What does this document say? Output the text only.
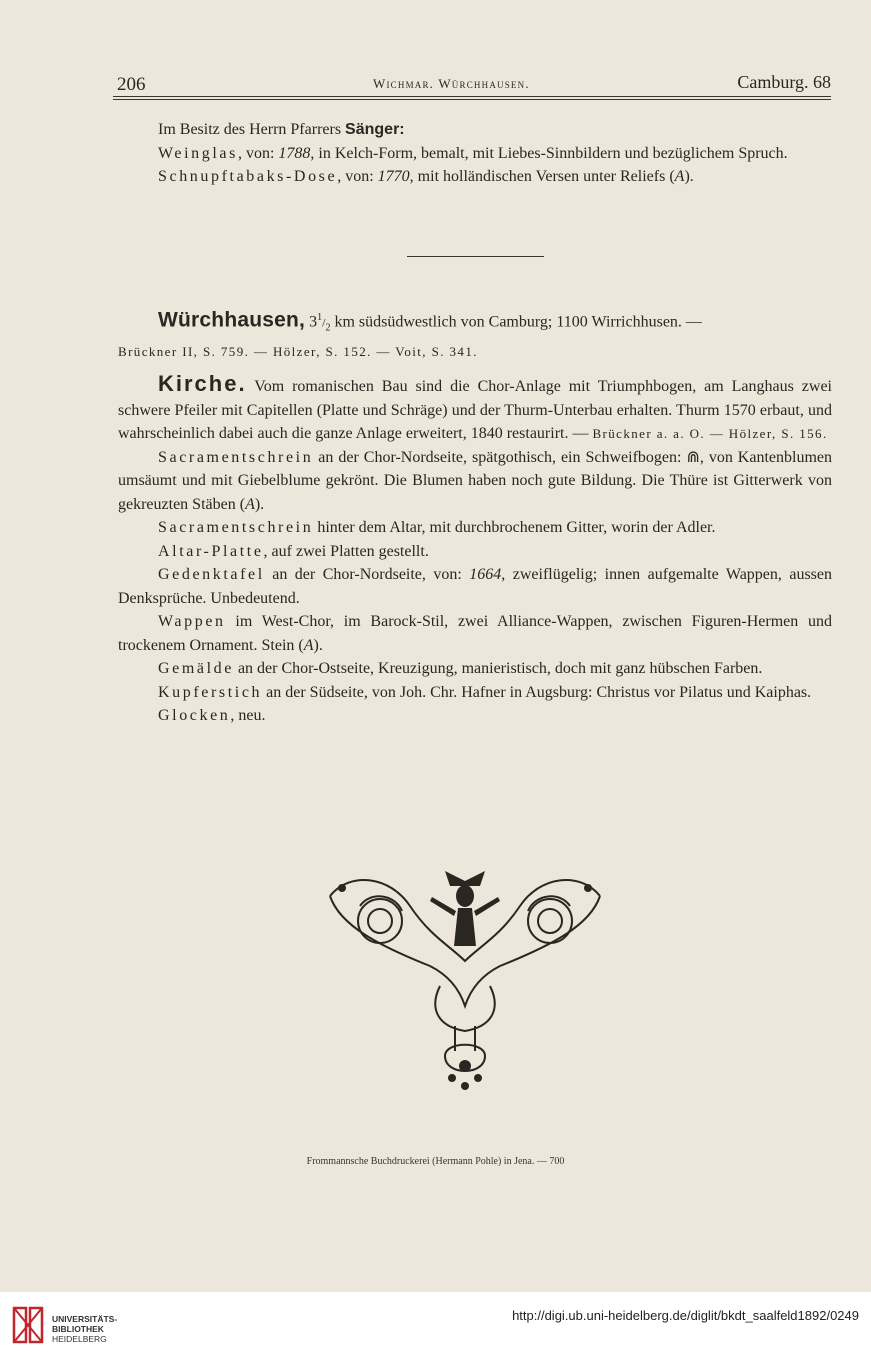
206	Wichmar. Würchhausen.	Camburg. 68

Im Besitz des Herrn Pfarrers Sänger:

Weinglas, von: 1788, in Kelch-Form, bemalt, mit Liebes-Sinnbildern und bezüglichem Spruch.

Schnupftabaks-Dose, von: 1770, mit holländischen Versen unter Reliefs (A).

Würchhausen, $3^1/_2$ km südsüdwestlich von Camburg; 1100 Wirrichhusen. —

Brückner II, S. 759. — Hölzer, S. 152. — Voit, S. 341.

Kirche. Vom romanischen Bau sind die Chor-Anlage mit Triumphbogen, am Langhaus zwei schwere Pfeiler mit Capitellen (Platte und Schräge) und der Thurm-Unterbau erhalten. Thurm 1570 erbaut, und wahrscheinlich dabei auch die ganze Anlage erweitert, 1840 restaurirt. — Brückner a. a. O. — Hölzer, S. 156.

Sacramentschrein an der Chor-Nordseite, spätgothisch, ein Schweifbogen: ⋒, von Kantenblumen umsäumt und mit Giebelblume gekrönt. Die Blumen haben noch gute Bildung. Die Thüre ist Gitterwerk von gekreuzten Stäben (A).

Sacramentschrein hinter dem Altar, mit durchbrochenem Gitter, worin der Adler.

Altar-Platte, auf zwei Platten gestellt.

Gedenktafel an der Chor-Nordseite, von: 1664, zweiflügelig; innen aufgemalte Wappen, aussen Denksprüche. Unbedeutend.

Wappen im West-Chor, im Barock-Stil, zwei Alliance-Wappen, zwischen Figuren-Hermen und trockenem Ornament. Stein (A).

Gemälde an der Chor-Ostseite, Kreuzigung, manieristisch, doch mit ganz hübschen Farben.

Kupferstich an der Südseite, von Joh. Chr. Hafner in Augsburg: Christus vor Pilatus und Kaiphas.

Glocken, neu.

Frommannsche Buchdruckerei (Hermann Pohle) in Jena. — 700
UNIVERSITÄTS-
BIBLIOTHEK
HEIDELBERG
http://digi.ub.uni-heidelberg.de/diglit/bkdt_saalfeld1892/0249
